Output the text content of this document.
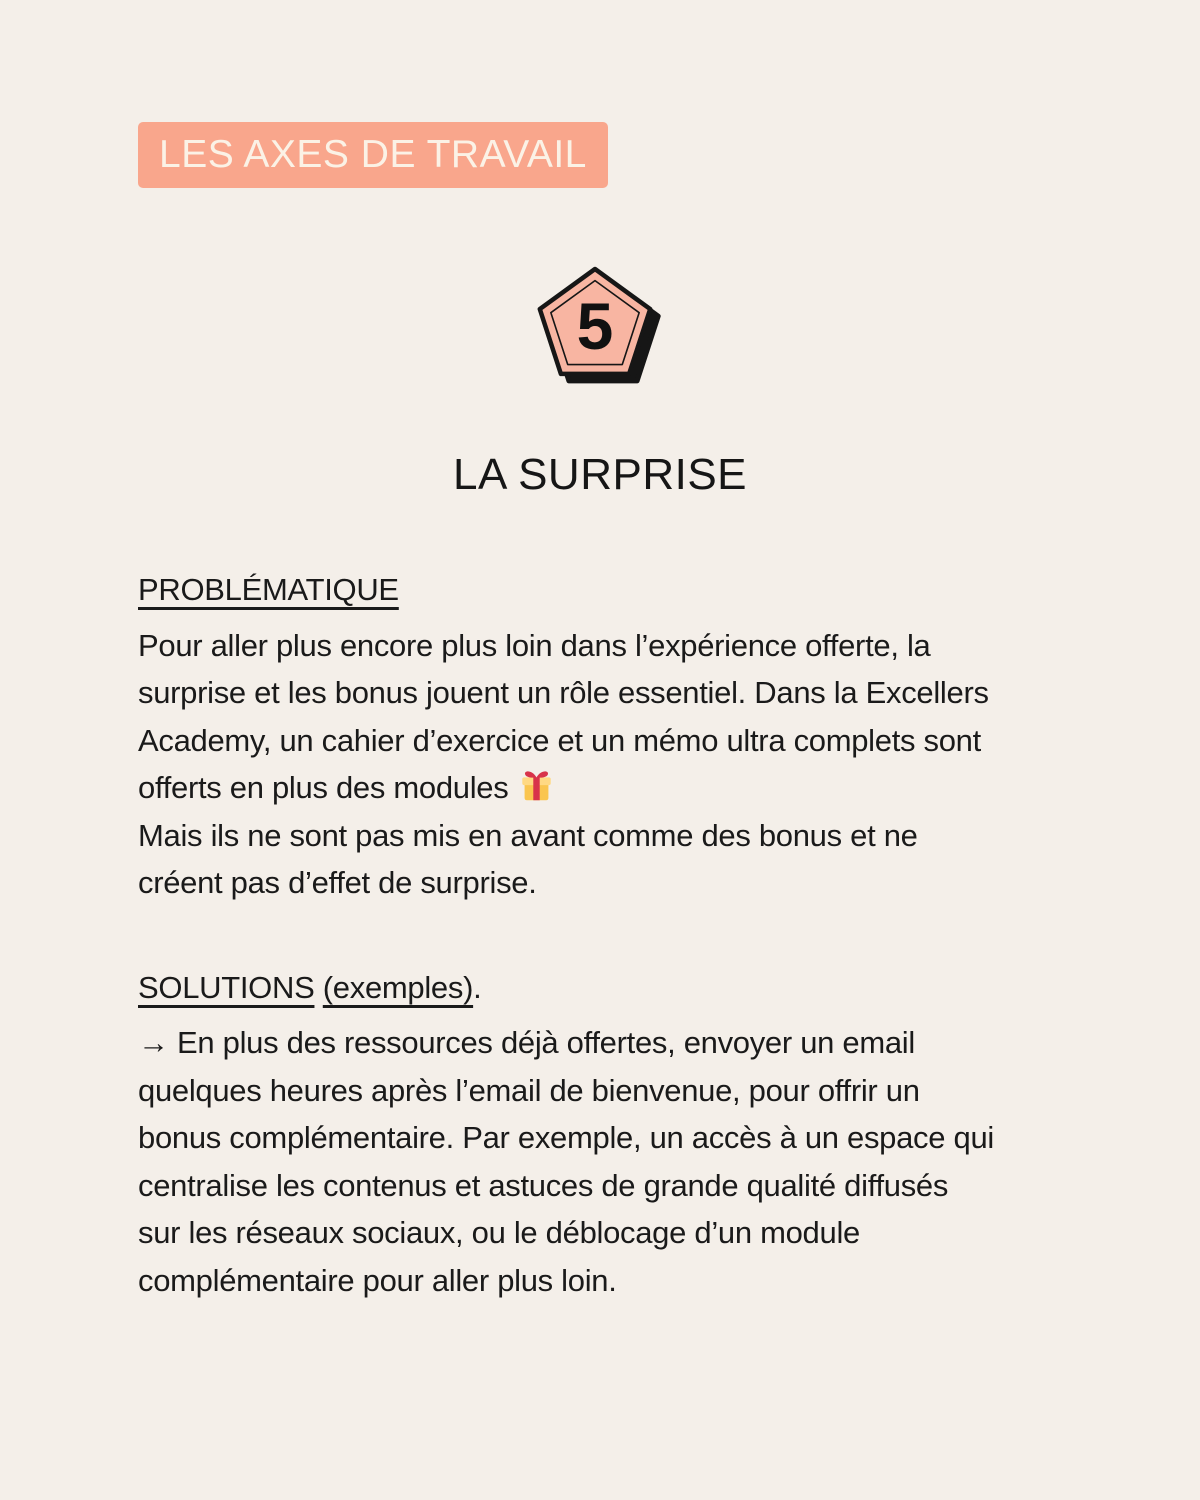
LES AXES DE TRAVAIL
5
LA SURPRISE
PROBLÉMATIQUE
Pour aller plus encore plus loin dans l’expérience offerte, la
surprise et les bonus jouent un rôle essentiel. Dans la Excellers
Academy, un cahier d’exercice et un mémo ultra complets sont
offerts en plus des modules
Mais ils ne sont pas mis en avant comme des bonus et ne
créent pas d’effet de surprise.
SOLUTIONS (exemples).
→ En plus des ressources déjà offertes, envoyer un email
quelques heures après l’email de bienvenue, pour offrir un
bonus complémentaire. Par exemple, un accès à un espace qui
centralise les contenus et astuces de grande qualité diffusés
sur les réseaux sociaux, ou le déblocage d’un module
complémentaire pour aller plus loin.
